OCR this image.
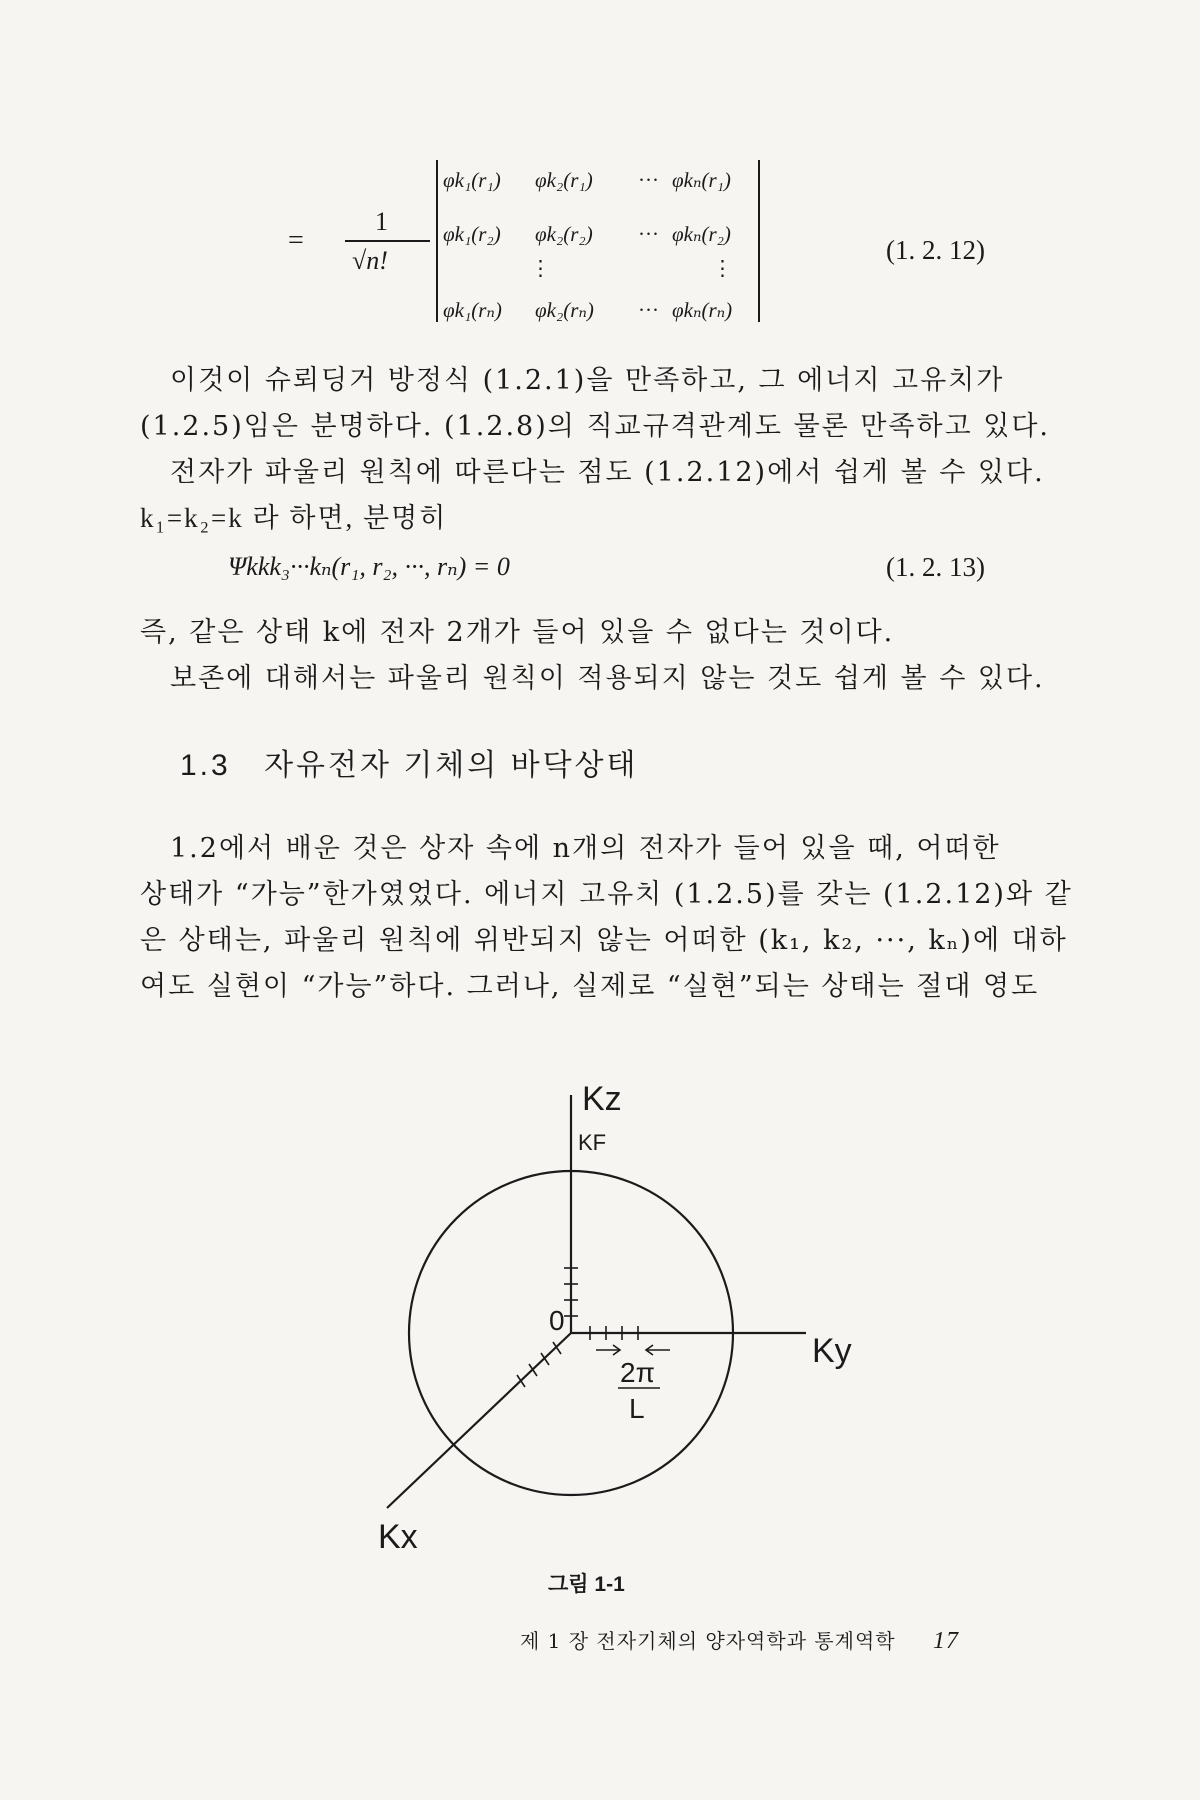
=
1
√n!
φk₁(r₁) φk₂(r₁) ··· φkₙ(r₁)
φk₁(r₂) φk₂(r₂) ··· φkₙ(r₂)
⋮	⋮
φk₁(rₙ) φk₂(rₙ) ··· φkₙ(rₙ)
(1. 2. 12)
이것이 슈뢰딩거 방정식 (1.2.1)을 만족하고, 그 에너지 고유치가
(1.2.5)임은 분명하다. (1.2.8)의 직교규격관계도 물론 만족하고 있다.
전자가 파울리 원칙에 따른다는 점도 (1.2.12)에서 쉽게 볼 수 있다.
k₁=k₂=k 라 하면, 분명히
Ψkkk₃···kₙ(r₁, r₂, ···, rₙ) = 0	(1. 2. 13)
즉, 같은 상태 k에 전자 2개가 들어 있을 수 없다는 것이다.
보존에 대해서는 파울리 원칙이 적용되지 않는 것도 쉽게 볼 수 있다.
1.3 자유전자 기체의 바닥상태
1.2에서 배운 것은 상자 속에 n개의 전자가 들어 있을 때, 어떠한
상태가 “가능”한가였었다. 에너지 고유치 (1.2.5)를 갖는 (1.2.12)와 같
은 상태는, 파울리 원칙에 위반되지 않는 어떠한 (k₁, k₂, ···, kₙ)에 대하
여도 실현이 “가능”하다. 그러나, 실제로 “실현”되는 상태는 절대 영도
Kz
KF
Ky
Kx
0
2π
L
그림 1-1
제 1 장 전자기체의 양자역학과 통계역학 17
